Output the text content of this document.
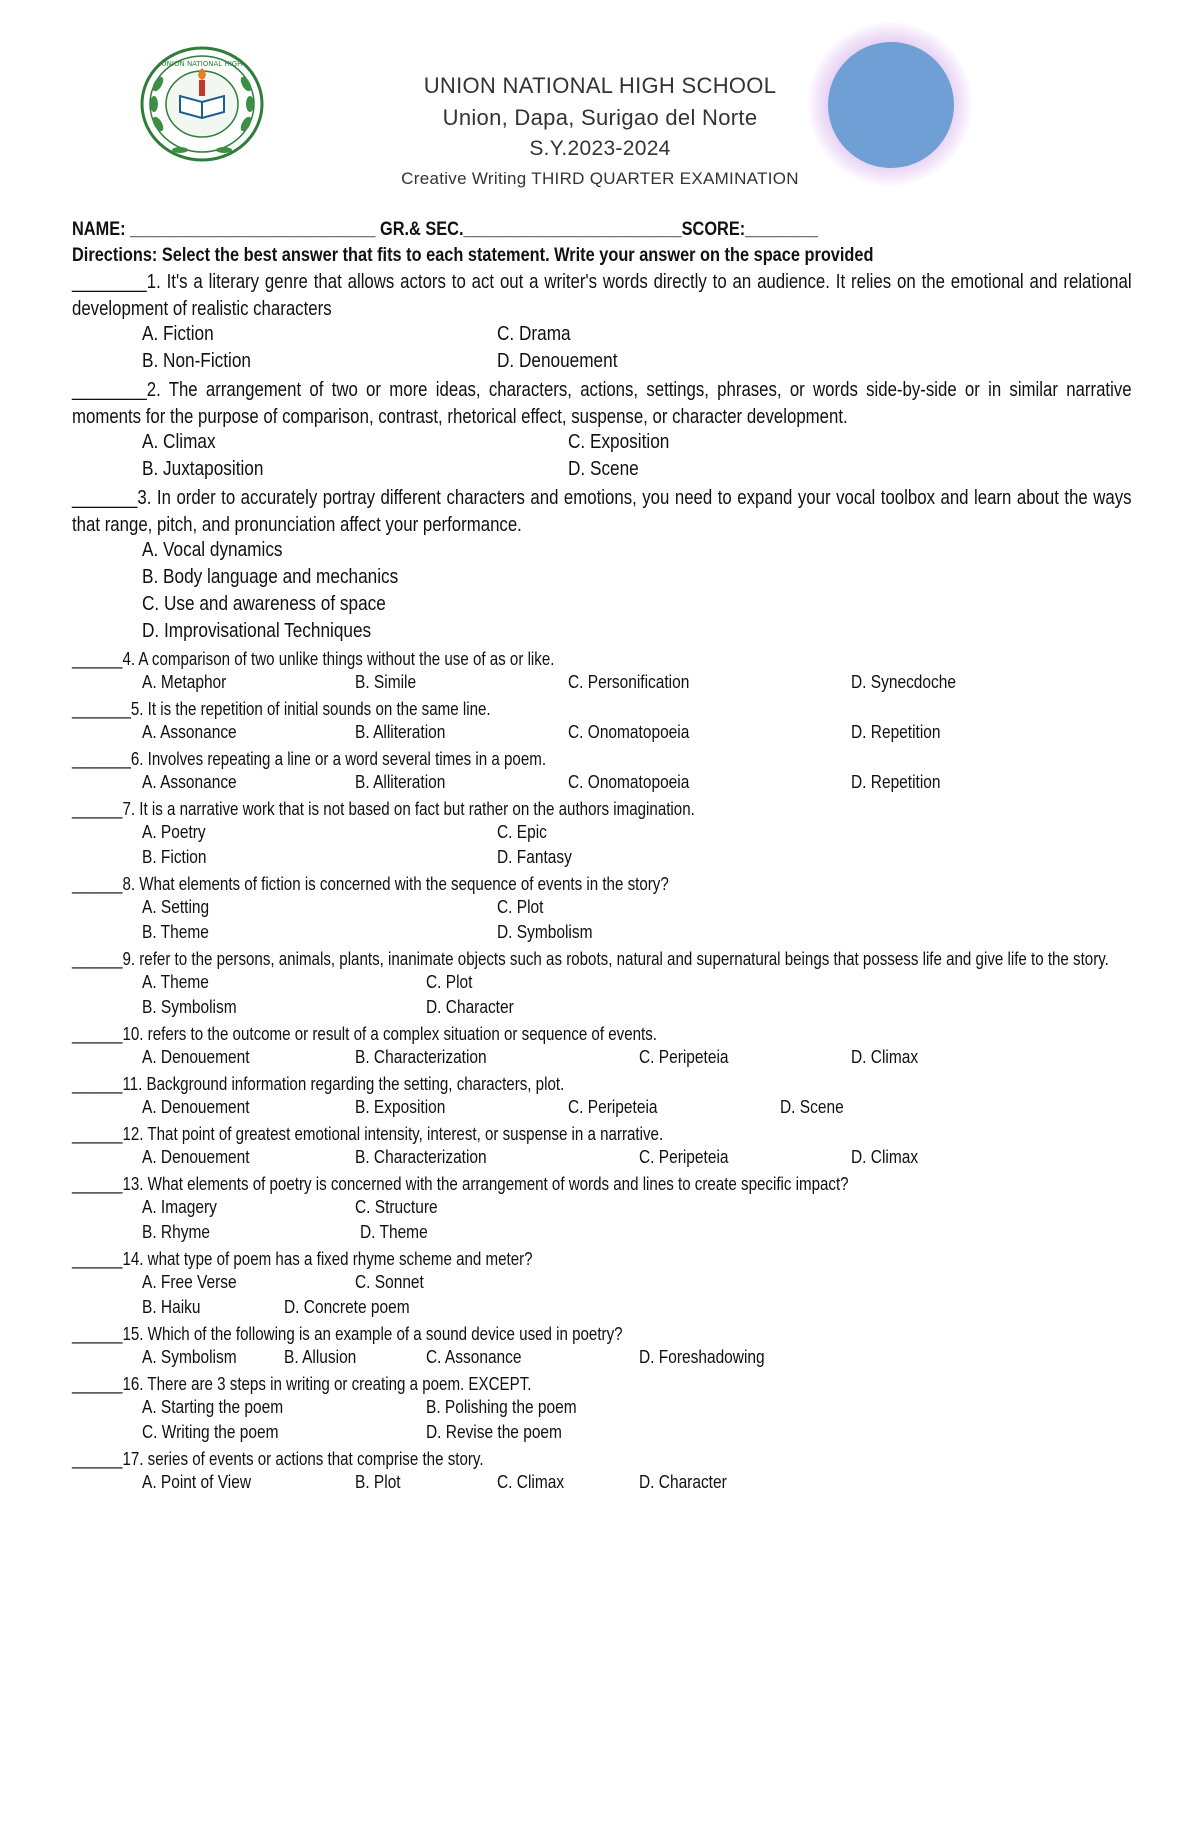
UNION NATIONAL HIGH
UNION NATIONAL HIGH SCHOOL
Union, Dapa, Surigao del Norte
S.Y.2023-2024
Creative Writing THIRD QUARTER EXAMINATION
NAME: ___________________________ GR.& SEC.________________________SCORE:________
Directions: Select the best answer that fits to each statement. Write your answer on the space provided
________1. It's a literary genre that allows actors to act out a writer's words directly to an audience. It relies on the emotional and relational development of realistic characters
A. Fiction	C. Drama
B. Non-Fiction	D. Denouement
________2. The arrangement of two or more ideas, characters, actions, settings, phrases, or words side-by-side or in similar narrative moments for the purpose of comparison, contrast, rhetorical effect, suspense, or character development.
A. Climax	C. Exposition
B. Juxtaposition	D. Scene
_______3. In order to accurately portray different characters and emotions, you need to expand your vocal toolbox and learn about the ways that range, pitch, and pronunciation affect your performance.
A. Vocal dynamics
B. Body language and mechanics
C. Use and awareness of space
D. Improvisational Techniques
______4. A comparison of two unlike things without the use of as or like.
A. Metaphor	B. Simile	C. Personification	D. Synecdoche
_______5. It is the repetition of initial sounds on the same line.
A. Assonance	B. Alliteration	C. Onomatopoeia	D. Repetition
_______6. Involves repeating a line or a word several times in a poem.
A. Assonance	B. Alliteration	C. Onomatopoeia	D. Repetition
______7. It is a narrative work that is not based on fact but rather on the authors imagination.
A. Poetry	C. Epic
B. Fiction	D. Fantasy
______8. What elements of fiction is concerned with the sequence of events in the story?
A. Setting	C. Plot
B. Theme	D. Symbolism
______9. refer to the persons, animals, plants, inanimate objects such as robots, natural and supernatural beings that possess life and give life to the story.
A. Theme	C. Plot
B. Symbolism	D. Character
______10. refers to the outcome or result of a complex situation or sequence of events.
A. Denouement	B. Characterization	C. Peripeteia	D. Climax
______11. Background information regarding the setting, characters, plot.
A. Denouement	B. Exposition	C. Peripeteia	D. Scene
______12. That point of greatest emotional intensity, interest, or suspense in a narrative.
A. Denouement	B. Characterization	C. Peripeteia	D. Climax
______13. What elements of poetry is concerned with the arrangement of words and lines to create specific impact?
A. Imagery	C. Structure
B. Rhyme	D. Theme
______14. what type of poem has a fixed rhyme scheme and meter?
A. Free Verse	C. Sonnet
B. Haiku	D. Concrete poem
______15. Which of the following is an example of a sound device used in poetry?
A. Symbolism	B. Allusion	C. Assonance	D. Foreshadowing
______16. There are 3 steps in writing or creating a poem. EXCEPT.
A. Starting the poem	B. Polishing the poem
C. Writing the poem	D. Revise the poem
______17. series of events or actions that comprise the story.
A. Point of View	B. Plot	C. Climax	D. Character
